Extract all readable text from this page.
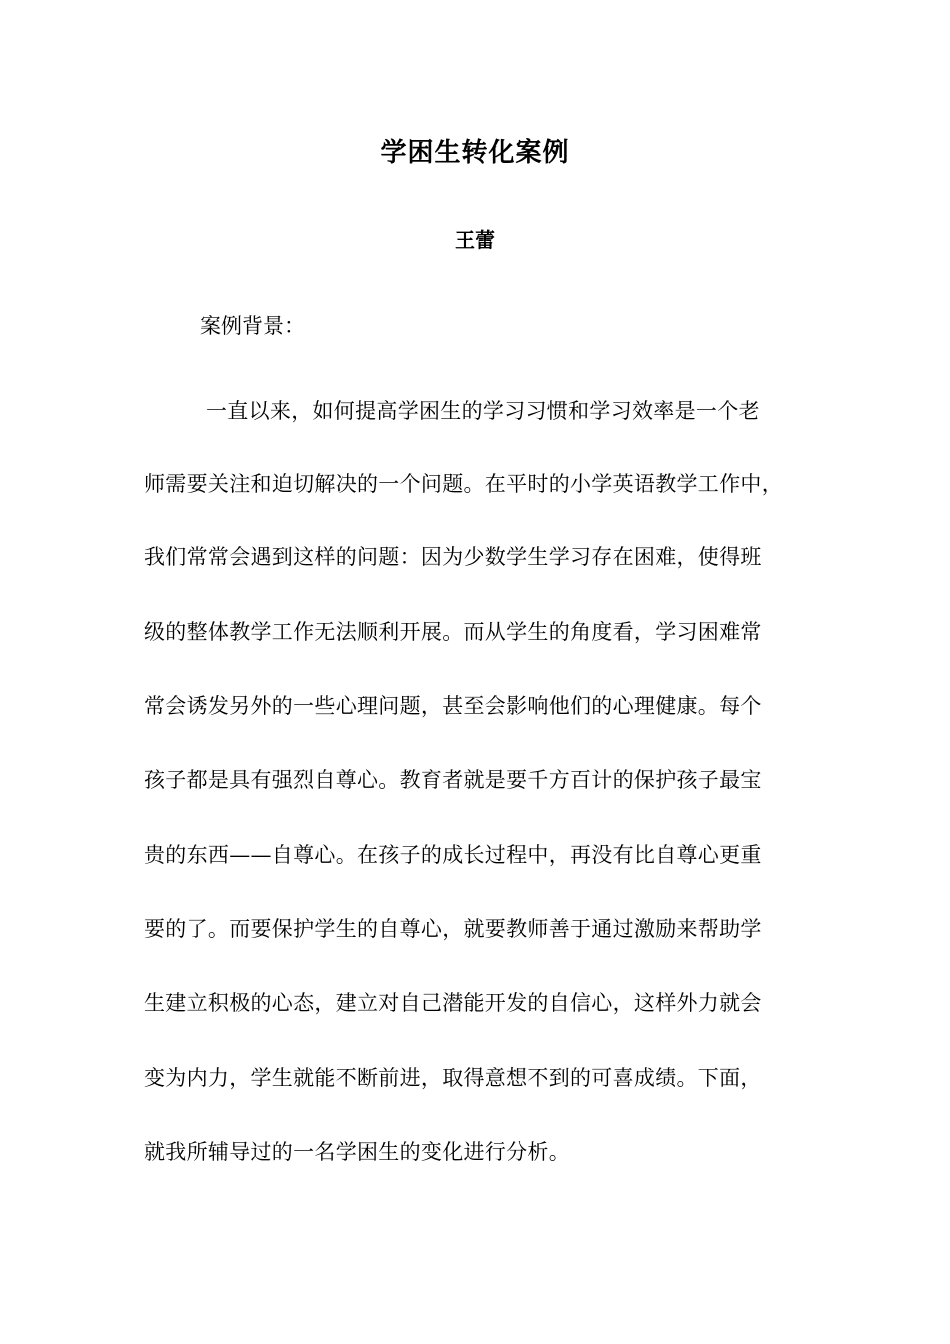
学困生转化案例
王蕾
案例背景：
一直以来，如何提高学困生的学习习惯和学习效率是一个老
师需要关注和迫切解决的一个问题。在平时的小学英语教学工作中，
我们常常会遇到这样的问题：因为少数学生学习存在困难，使得班
级的整体教学工作无法顺利开展。而从学生的角度看，学习困难常
常会诱发另外的一些心理问题，甚至会影响他们的心理健康。每个
孩子都是具有强烈自尊心。教育者就是要千方百计的保护孩子最宝
贵的东西——自尊心。在孩子的成长过程中，再没有比自尊心更重
要的了。而要保护学生的自尊心，就要教师善于通过激励来帮助学
生建立积极的心态，建立对自己潜能开发的自信心，这样外力就会
变为内力，学生就能不断前进，取得意想不到的可喜成绩。下面，
就我所辅导过的一名学困生的变化进行分析。
